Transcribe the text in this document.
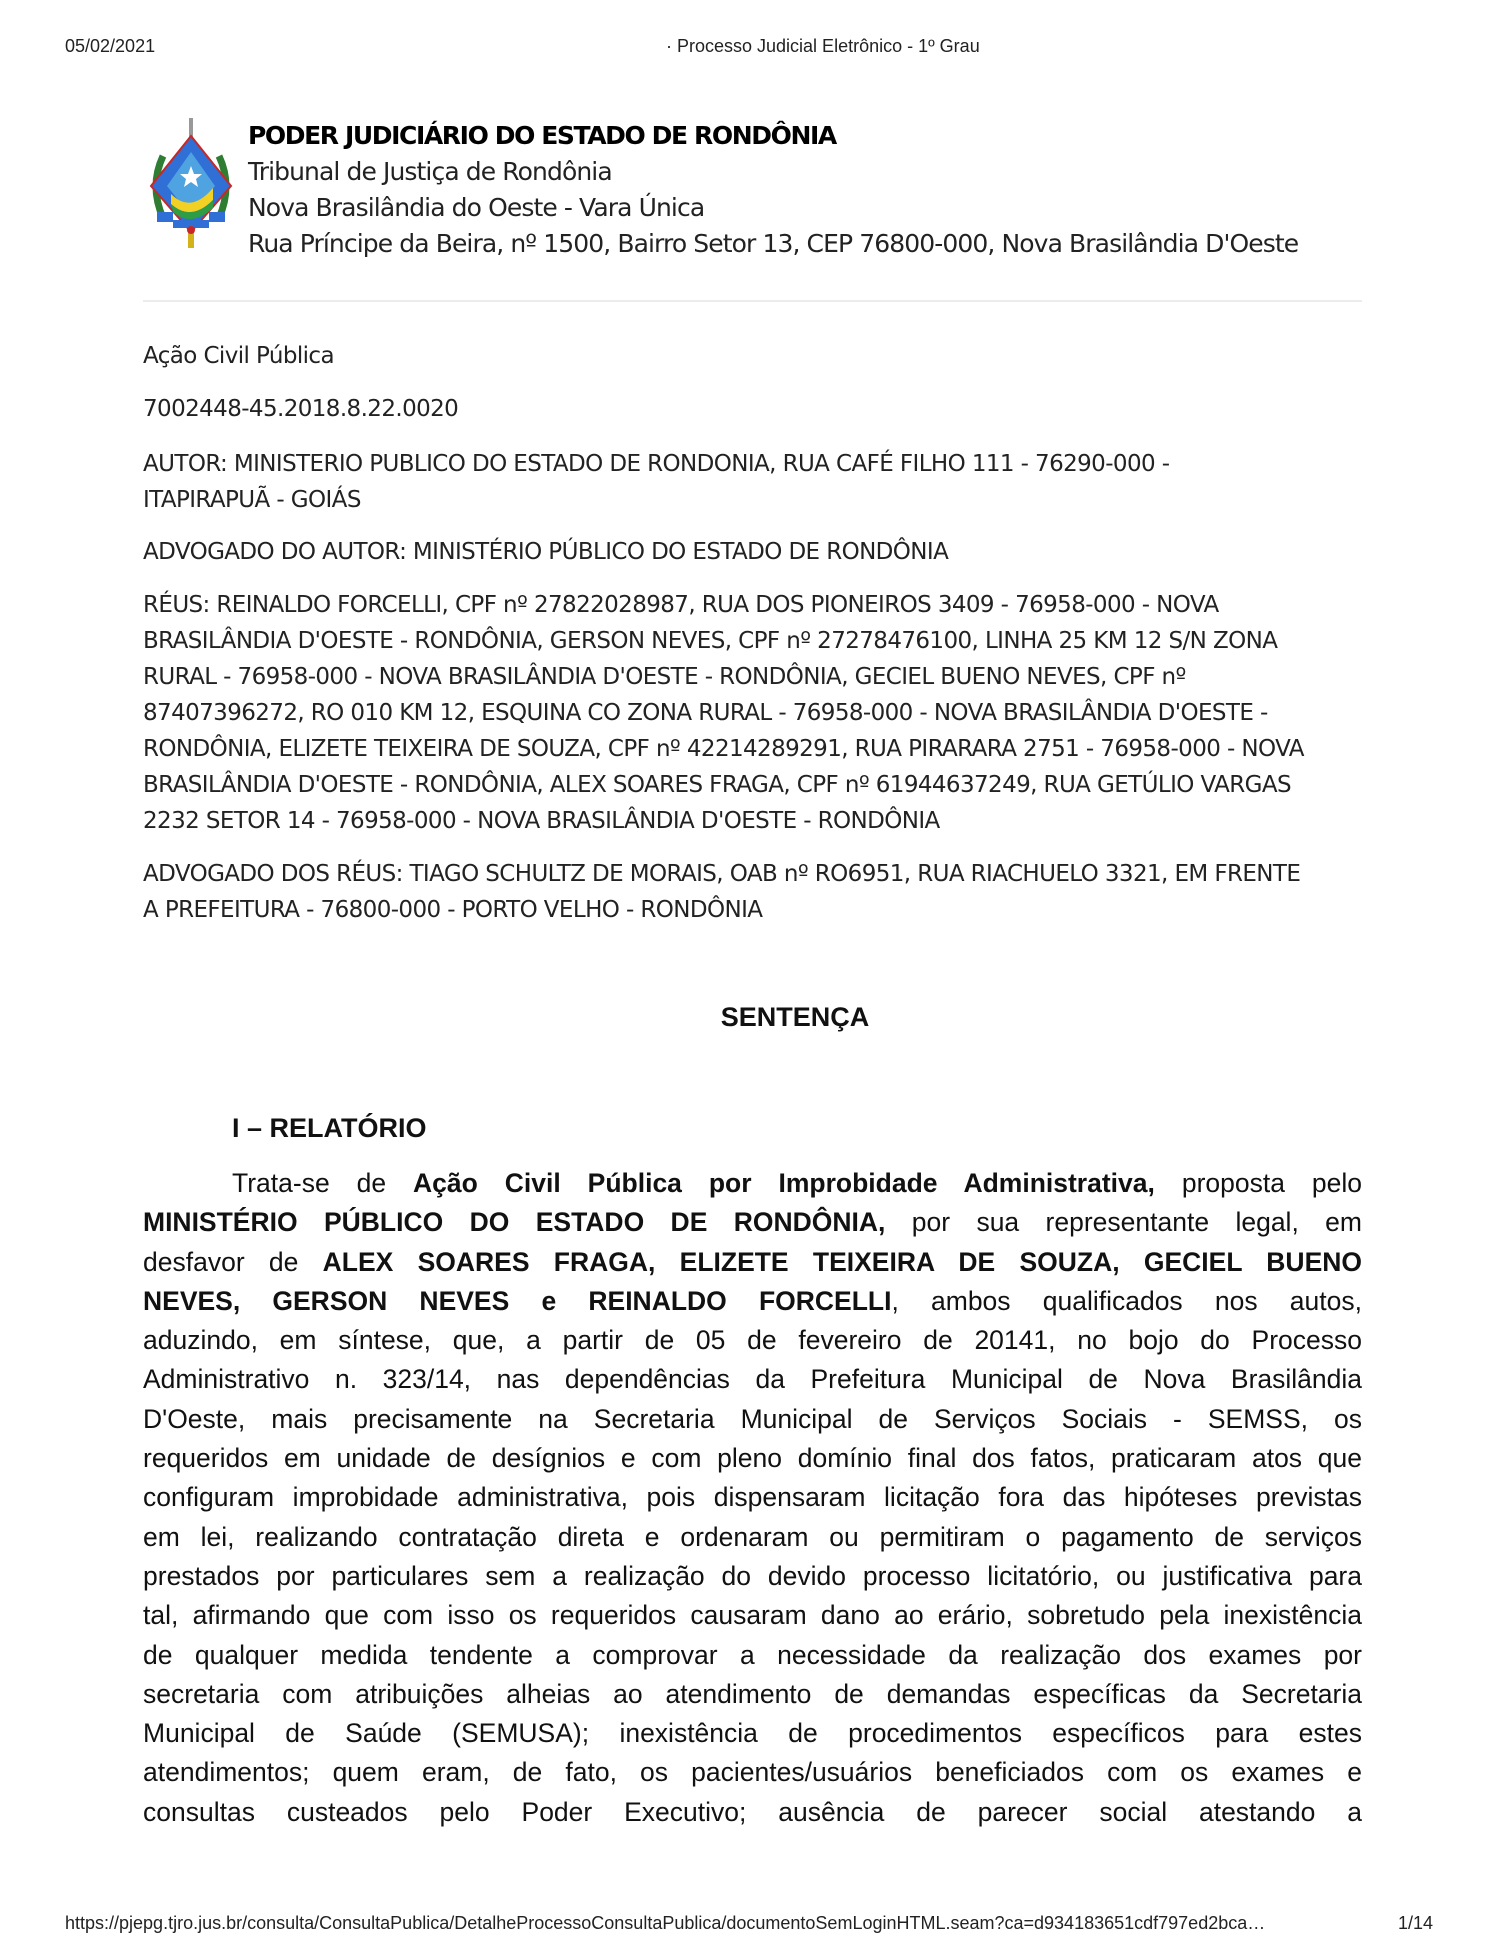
05/02/2021	· Processo Judicial Eletrônico - 1º Grau
PODER JUDICIÁRIO DO ESTADO DE RONDÔNIA
Tribunal de Justiça de Rondônia
Nova Brasilândia do Oeste - Vara Única
Rua Príncipe da Beira, nº 1500, Bairro Setor 13, CEP 76800-000, Nova Brasilândia D'Oeste
Ação Civil Pública
7002448-45.2018.8.22.0020
AUTOR: MINISTERIO PUBLICO DO ESTADO DE RONDONIA, RUA CAFÉ FILHO 111 - 76290-000 -
ITAPIRAPUÃ - GOIÁS
ADVOGADO DO AUTOR: MINISTÉRIO PÚBLICO DO ESTADO DE RONDÔNIA
RÉUS: REINALDO FORCELLI, CPF nº 27822028987, RUA DOS PIONEIROS 3409 - 76958-000 - NOVA
BRASILÂNDIA D'OESTE - RONDÔNIA, GERSON NEVES, CPF nº 27278476100, LINHA 25 KM 12 S/N ZONA
RURAL - 76958-000 - NOVA BRASILÂNDIA D'OESTE - RONDÔNIA, GECIEL BUENO NEVES, CPF nº
87407396272, RO 010 KM 12, ESQUINA CO ZONA RURAL - 76958-000 - NOVA BRASILÂNDIA D'OESTE -
RONDÔNIA, ELIZETE TEIXEIRA DE SOUZA, CPF nº 42214289291, RUA PIRARARA 2751 - 76958-000 - NOVA
BRASILÂNDIA D'OESTE - RONDÔNIA, ALEX SOARES FRAGA, CPF nº 61944637249, RUA GETÚLIO VARGAS
2232 SETOR 14 - 76958-000 - NOVA BRASILÂNDIA D'OESTE - RONDÔNIA
ADVOGADO DOS RÉUS: TIAGO SCHULTZ DE MORAIS, OAB nº RO6951, RUA RIACHUELO 3321, EM FRENTE
A PREFEITURA - 76800-000 - PORTO VELHO - RONDÔNIA
SENTENÇA
I – RELATÓRIO
Trata-se de Ação Civil Pública por Improbidade Administrativa, proposta pelo
MINISTÉRIO PÚBLICO DO ESTADO DE RONDÔNIA, por sua representante legal, em
desfavor de ALEX SOARES FRAGA, ELIZETE TEIXEIRA DE SOUZA, GECIEL BUENO
NEVES, GERSON NEVES e REINALDO FORCELLI, ambos qualificados nos autos,
aduzindo, em síntese, que, a partir de 05 de fevereiro de 20141, no bojo do Processo
Administrativo n. 323/14, nas dependências da Prefeitura Municipal de Nova Brasilândia
D'Oeste, mais precisamente na Secretaria Municipal de Serviços Sociais - SEMSS, os
requeridos em unidade de desígnios e com pleno domínio final dos fatos, praticaram atos que
configuram improbidade administrativa, pois dispensaram licitação fora das hipóteses previstas
em lei, realizando contratação direta e ordenaram ou permitiram o pagamento de serviços
prestados por particulares sem a realização do devido processo licitatório, ou justificativa para
tal, afirmando que com isso os requeridos causaram dano ao erário, sobretudo pela inexistência
de qualquer medida tendente a comprovar a necessidade da realização dos exames por
secretaria com atribuições alheias ao atendimento de demandas específicas da Secretaria
Municipal de Saúde (SEMUSA); inexistência de procedimentos específicos para estes
atendimentos; quem eram, de fato, os pacientes/usuários beneficiados com os exames e
consultas custeados pelo Poder Executivo; ausência de parecer social atestando a
https://pjepg.tjro.jus.br/consulta/ConsultaPublica/DetalheProcessoConsultaPublica/documentoSemLoginHTML.seam?ca=d934183651cdf797ed2bca…	1/14
